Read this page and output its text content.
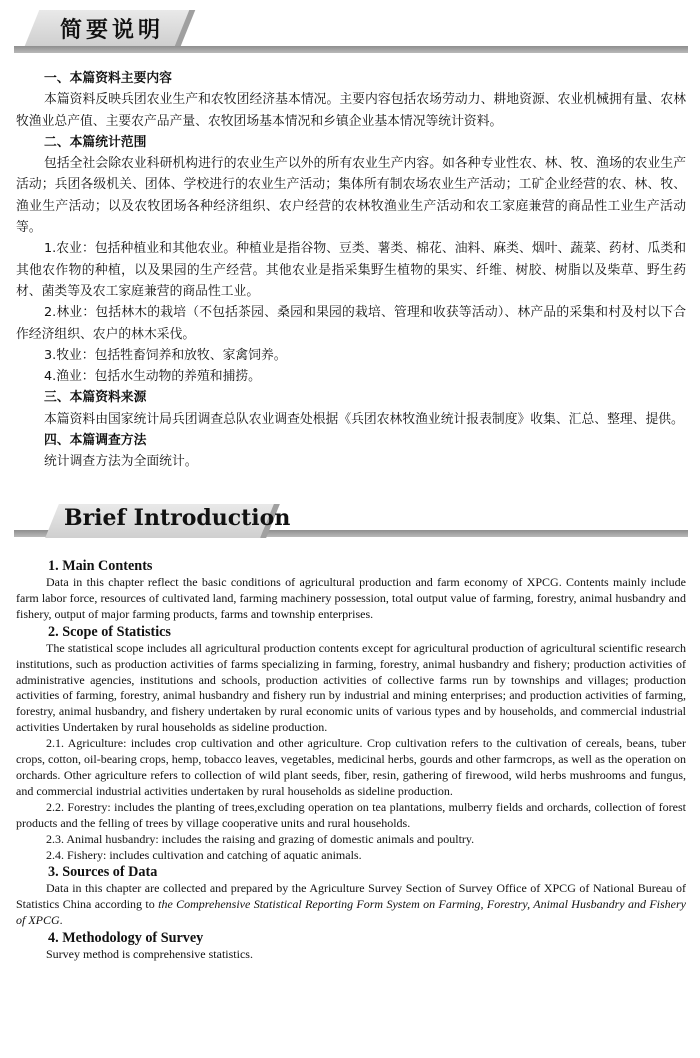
简要说明
一、本篇资料主要内容
本篇资料反映兵团农业生产和农牧团经济基本情况。主要内容包括农场劳动力、耕地资源、农业机械拥有量、农林牧渔业总产值、主要农产品产量、农牧团场基本情况和乡镇企业基本情况等统计资料。
二、本篇统计范围
包括全社会除农业科研机构进行的农业生产以外的所有农业生产内容。如各种专业性农、林、牧、渔场的农业生产活动；兵团各级机关、团体、学校进行的农业生产活动；集体所有制农场农业生产活动；工矿企业经营的农、林、牧、渔业生产活动；以及农牧团场各种经济组织、农户经营的农林牧渔业生产活动和农工家庭兼营的商品性工业生产活动等。
1.农业：包括种植业和其他农业。种植业是指谷物、豆类、薯类、棉花、油料、麻类、烟叶、蔬菜、药材、瓜类和其他农作物的种植，以及果园的生产经营。其他农业是指采集野生植物的果实、纤维、树胶、树脂以及柴草、野生药材、菌类等及农工家庭兼营的商品性工业。
2.林业：包括林木的栽培（不包括茶园、桑园和果园的栽培、管理和收获等活动）、林产品的采集和村及村以下合作经济组织、农户的林木采伐。
3.牧业：包括牲畜饲养和放牧、家禽饲养。
4.渔业：包括水生动物的养殖和捕捞。
三、本篇资料来源
本篇资料由国家统计局兵团调查总队农业调查处根据《兵团农林牧渔业统计报表制度》收集、汇总、整理、提供。
四、本篇调查方法
统计调查方法为全面统计。
Brief Introduction
1. Main Contents
Data in this chapter reflect the basic conditions of agricultural production and farm economy of XPCG. Contents mainly include farm labor force, resources of cultivated land, farming machinery possession, total output value of farming, forestry, animal husbandry and fishery, output of major farming products, farms and township enterprises.
2. Scope of Statistics
The statistical scope includes all agricultural production contents except for agricultural production of agricultural scientific research institutions, such as production activities of farms specializing in farming, forestry, animal husbandry and fishery; production activities of administrative agencies, institutions and schools, production activities of collective farms run by townships and villages; production activities of farming, forestry, animal husbandry and fishery run by industrial and mining enterprises; and production activities of farming, forestry, animal husbandry, and fishery undertaken by rural economic units of various types and by households, and commercial industrial activities Undertaken by rural households as sideline production.
2.1. Agriculture: includes crop cultivation and other agriculture. Crop cultivation refers to the cultivation of cereals, beans, tuber crops, cotton, oil-bearing crops, hemp, tobacco leaves, vegetables, medicinal herbs, gourds and other farmcrops, as well as the operation on orchards. Other agriculture refers to collection of wild plant seeds, fiber, resin, gathering of firewood, wild herbs mushrooms and fungus, and commercial industrial activities undertaken by rural households as sideline production.
2.2. Forestry: includes the planting of trees,excluding operation on tea plantations, mulberry fields and orchards, collection of forest products and the felling of trees by village cooperative units and rural households.
2.3. Animal husbandry: includes the raising and grazing of domestic animals and poultry.
2.4. Fishery: includes cultivation and catching of aquatic animals.
3. Sources of Data
Data in this chapter are collected and prepared by the Agriculture Survey Section of Survey Office of XPCG of National Bureau of Statistics China according to the Comprehensive Statistical Reporting Form System on Farming, Forestry, Animal Husbandry and Fishery of XPCG.
4. Methodology of Survey
Survey method is comprehensive statistics.
